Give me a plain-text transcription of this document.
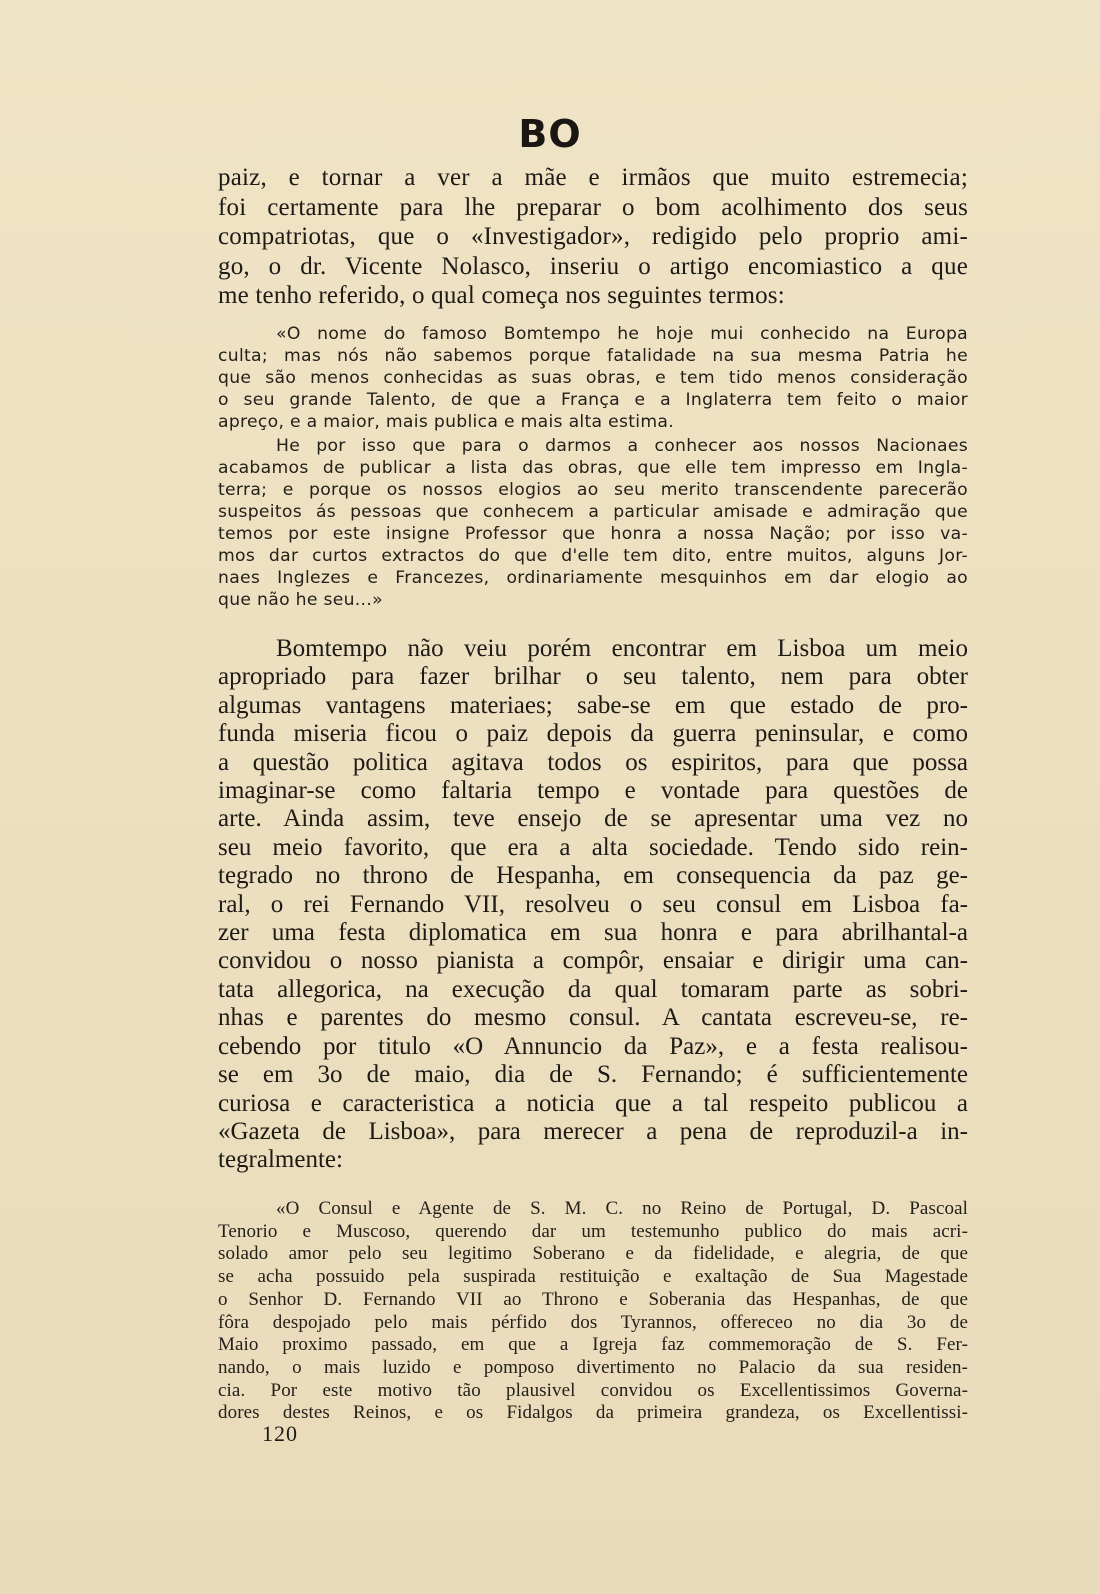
BO
paiz, e tornar a ver a mãe e irmãos que muito estremecia;
foi certamente para lhe preparar o bom acolhimento dos seus
compatriotas, que o «Investigador», redigido pelo proprio ami-
go, o dr. Vicente Nolasco, inseriu o artigo encomiastico a que
me tenho referido, o qual começa nos seguintes termos:
«O nome do famoso Bomtempo he hoje mui conhecido na Europa
culta; mas nós não sabemos porque fatalidade na sua mesma Patria he
que são menos conhecidas as suas obras, e tem tido menos consideração
o seu grande Talento, de que a França e a Inglaterra tem feito o maior
apreço, e a maior, mais publica e mais alta estima.
He por isso que para o darmos a conhecer aos nossos Nacionaes
acabamos de publicar a lista das obras, que elle tem impresso em Ingla-
terra; e porque os nossos elogios ao seu merito transcendente parecerão
suspeitos ás pessoas que conhecem a particular amisade e admiração que
temos por este insigne Professor que honra a nossa Nação; por isso va-
mos dar curtos extractos do que d'elle tem dito, entre muitos, alguns Jor-
naes Inglezes e Francezes, ordinariamente mesquinhos em dar elogio ao
que não he seu...»
Bomtempo não veiu porém encontrar em Lisboa um meio
apropriado para fazer brilhar o seu talento, nem para obter
algumas vantagens materiaes; sabe-se em que estado de pro-
funda miseria ficou o paiz depois da guerra peninsular, e como
a questão politica agitava todos os espiritos, para que possa
imaginar-se como faltaria tempo e vontade para questões de
arte. Ainda assim, teve ensejo de se apresentar uma vez no
seu meio favorito, que era a alta sociedade. Tendo sido rein-
tegrado no throno de Hespanha, em consequencia da paz ge-
ral, o rei Fernando VII, resolveu o seu consul em Lisboa fa-
zer uma festa diplomatica em sua honra e para abrilhantal-a
convidou o nosso pianista a compôr, ensaiar e dirigir uma can-
tata allegorica, na execução da qual tomaram parte as sobri-
nhas e parentes do mesmo consul. A cantata escreveu-se, re-
cebendo por titulo «O Annuncio da Paz», e a festa realisou-
se em 3o de maio, dia de S. Fernando; é sufficientemente
curiosa e caracteristica a noticia que a tal respeito publicou a
«Gazeta de Lisboa», para merecer a pena de reproduzil-a in-
tegralmente:
«O Consul e Agente de S. M. C. no Reino de Portugal, D. Pascoal
Tenorio e Muscoso, querendo dar um testemunho publico do mais acri-
solado amor pelo seu legitimo Soberano e da fidelidade, e alegria, de que
se acha possuido pela suspirada restituição e exaltação de Sua Magestade
o Senhor D. Fernando VII ao Throno e Soberania das Hespanhas, de que
fôra despojado pelo mais pérfido dos Tyrannos, offereceo no dia 3o de
Maio proximo passado, em que a Igreja faz commemoração de S. Fer-
nando, o mais luzido e pomposo divertimento no Palacio da sua residen-
cia. Por este motivo tão plausivel convidou os Excellentissimos Governa-
dores destes Reinos, e os Fidalgos da primeira grandeza, os Excellentissi-
120
